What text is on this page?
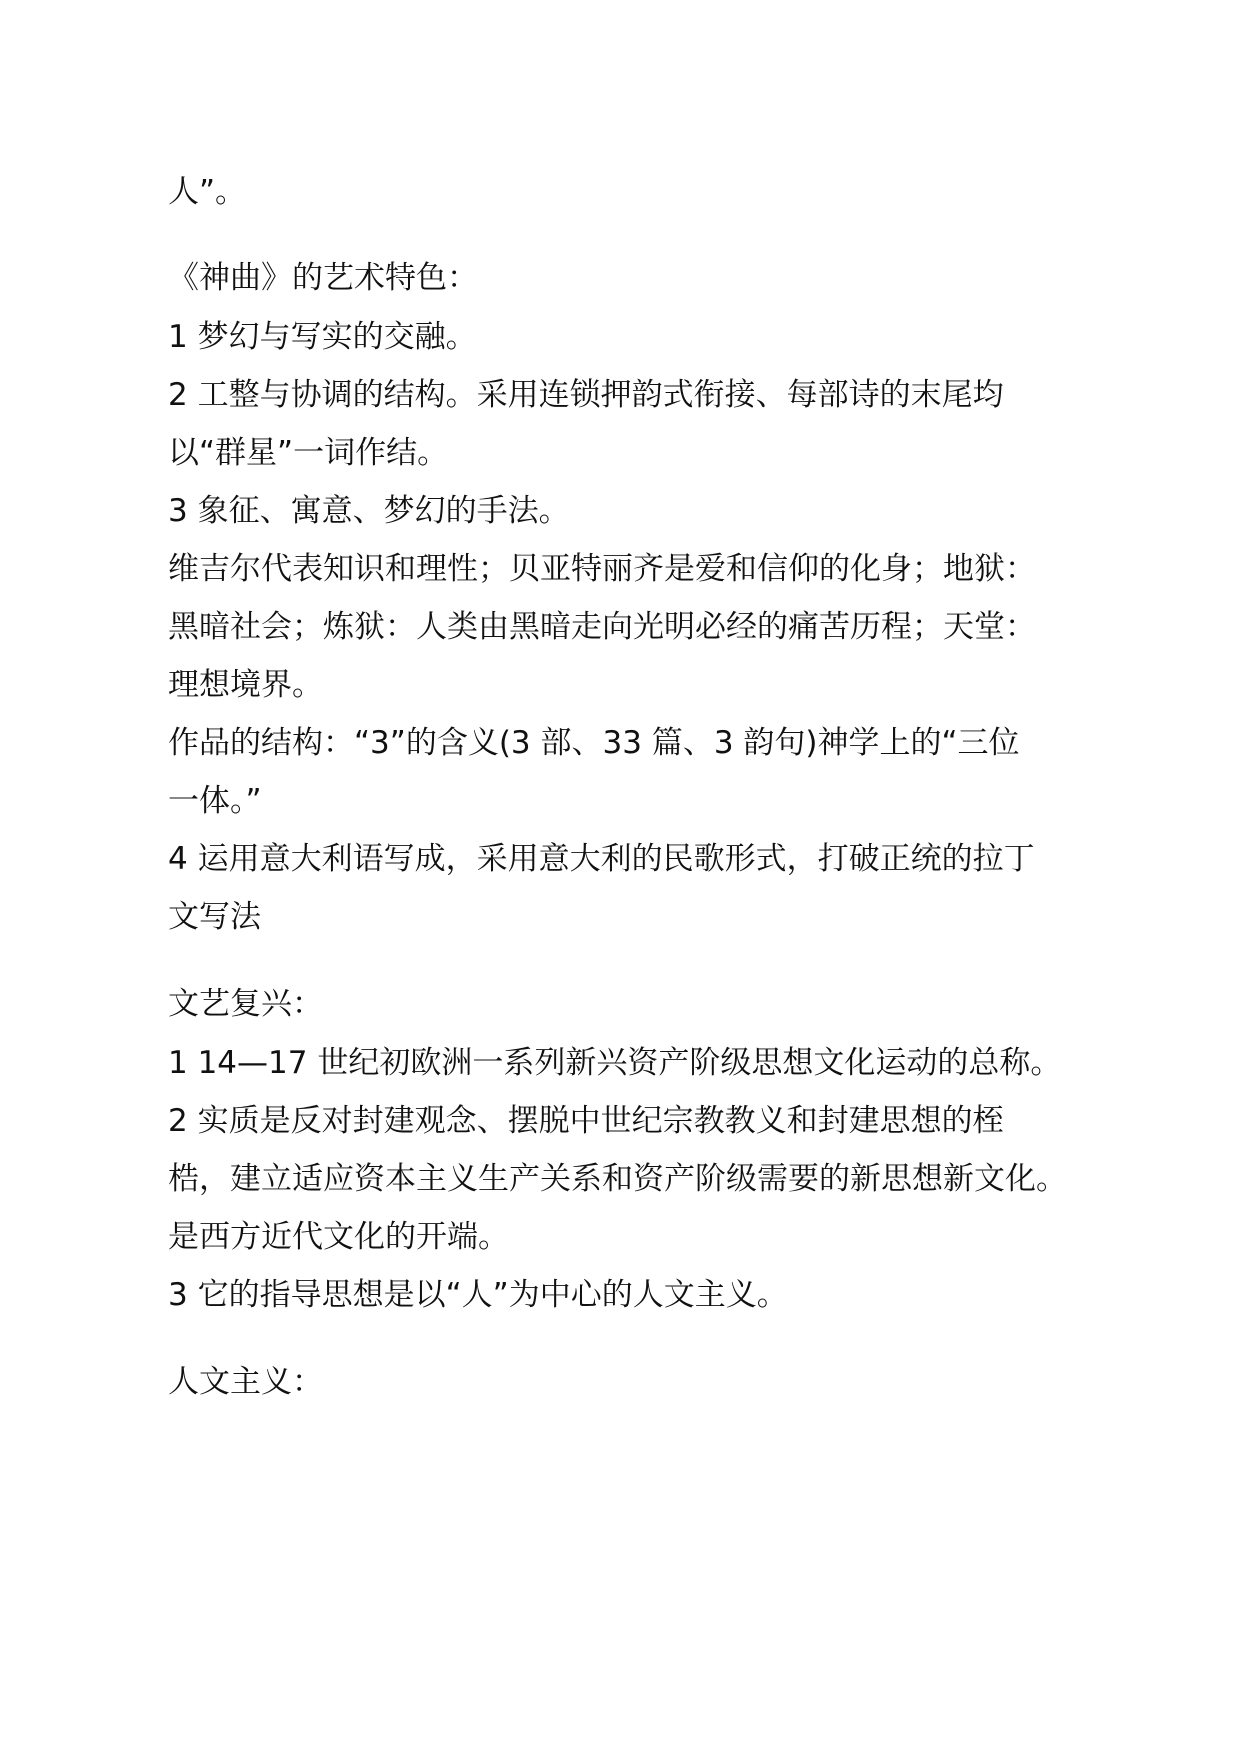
人”。
《神曲》的艺术特色：
1 梦幻与写实的交融。
2 工整与协调的结构。采用连锁押韵式衔接、每部诗的末尾均
以“群星”一词作结。
3 象征、寓意、梦幻的手法。
维吉尔代表知识和理性；贝亚特丽齐是爱和信仰的化身；地狱：
黑暗社会；炼狱：人类由黑暗走向光明必经的痛苦历程；天堂：
理想境界。
作品的结构：“3”的含义(3 部、33 篇、3 韵句)神学上的“三位
一体。”
4 运用意大利语写成，采用意大利的民歌形式，打破正统的拉丁
文写法
文艺复兴：
1 14—17 世纪初欧洲一系列新兴资产阶级思想文化运动的总称。
2 实质是反对封建观念、摆脱中世纪宗教教义和封建思想的桎
梏，建立适应资本主义生产关系和资产阶级需要的新思想新文化。
是西方近代文化的开端。
3 它的指导思想是以“人”为中心的人文主义。
人文主义：
